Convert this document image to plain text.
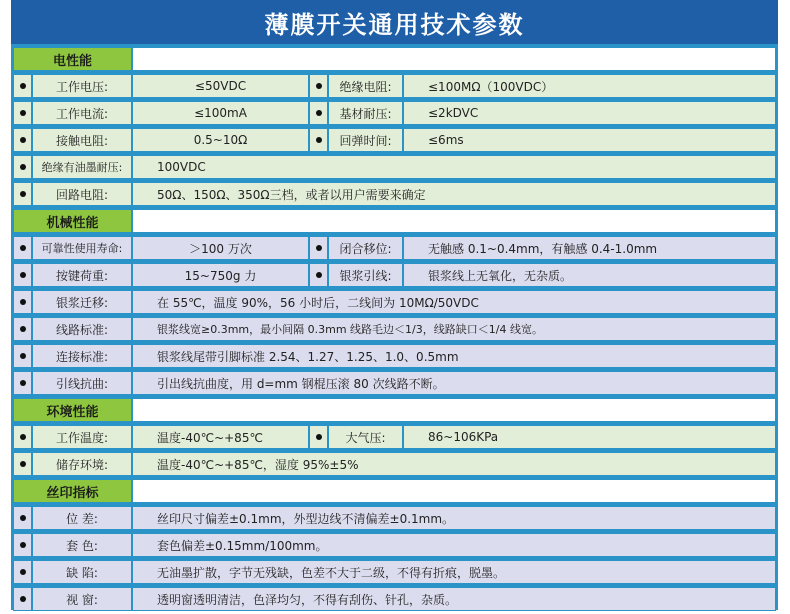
薄膜开关通用技术参数
电性能
工作电压:	≤50VDC	绝缘电阻:	≤100MΩ（100VDC）
工作电流:	≤100mA	基材耐压:	≤2kDVC
接触电阻:	0.5~10Ω	回弹时间:	≤6ms
绝缘有油墨耐压:	100VDC
回路电阻:	50Ω、150Ω、350Ω三档，或者以用户需要来确定
机械性能
可靠性使用寿命:	＞100 万次	闭合移位:	无触感 0.1~0.4mm，有触感 0.4-1.0mm
按键荷重:	15~750g 力	银浆引线:	银浆线上无氧化，无杂质。
银浆迁移:	在 55℃，温度 90%，56 小时后，二线间为 10MΩ/50VDC
线路标准:	银浆线宽≥0.3mm，最小间隔 0.3mm 线路毛边＜1/3，线路缺口＜1/4 线宽。
连接标准:	银浆线尾带引脚标准 2.54、1.27、1.25、1.0、0.5mm
引线抗曲:	引出线抗曲度，用 d=mm 钢棍压滚 80 次线路不断。
环境性能
工作温度:	温度-40℃~+85℃	大气压:	86~106KPa
储存环境:	温度-40℃~+85℃，湿度 95%±5%
丝印指标
位 差:	丝印尺寸偏差±0.1mm，外型边线不清偏差±0.1mm。
套 色:	套色偏差±0.15mm/100mm。
缺 陷:	无油墨扩散，字节无残缺，色差不大于二级，不得有折痕，脱墨。
视 窗:	透明窗透明清洁，色泽均匀，不得有刮伤、针孔，杂质。
